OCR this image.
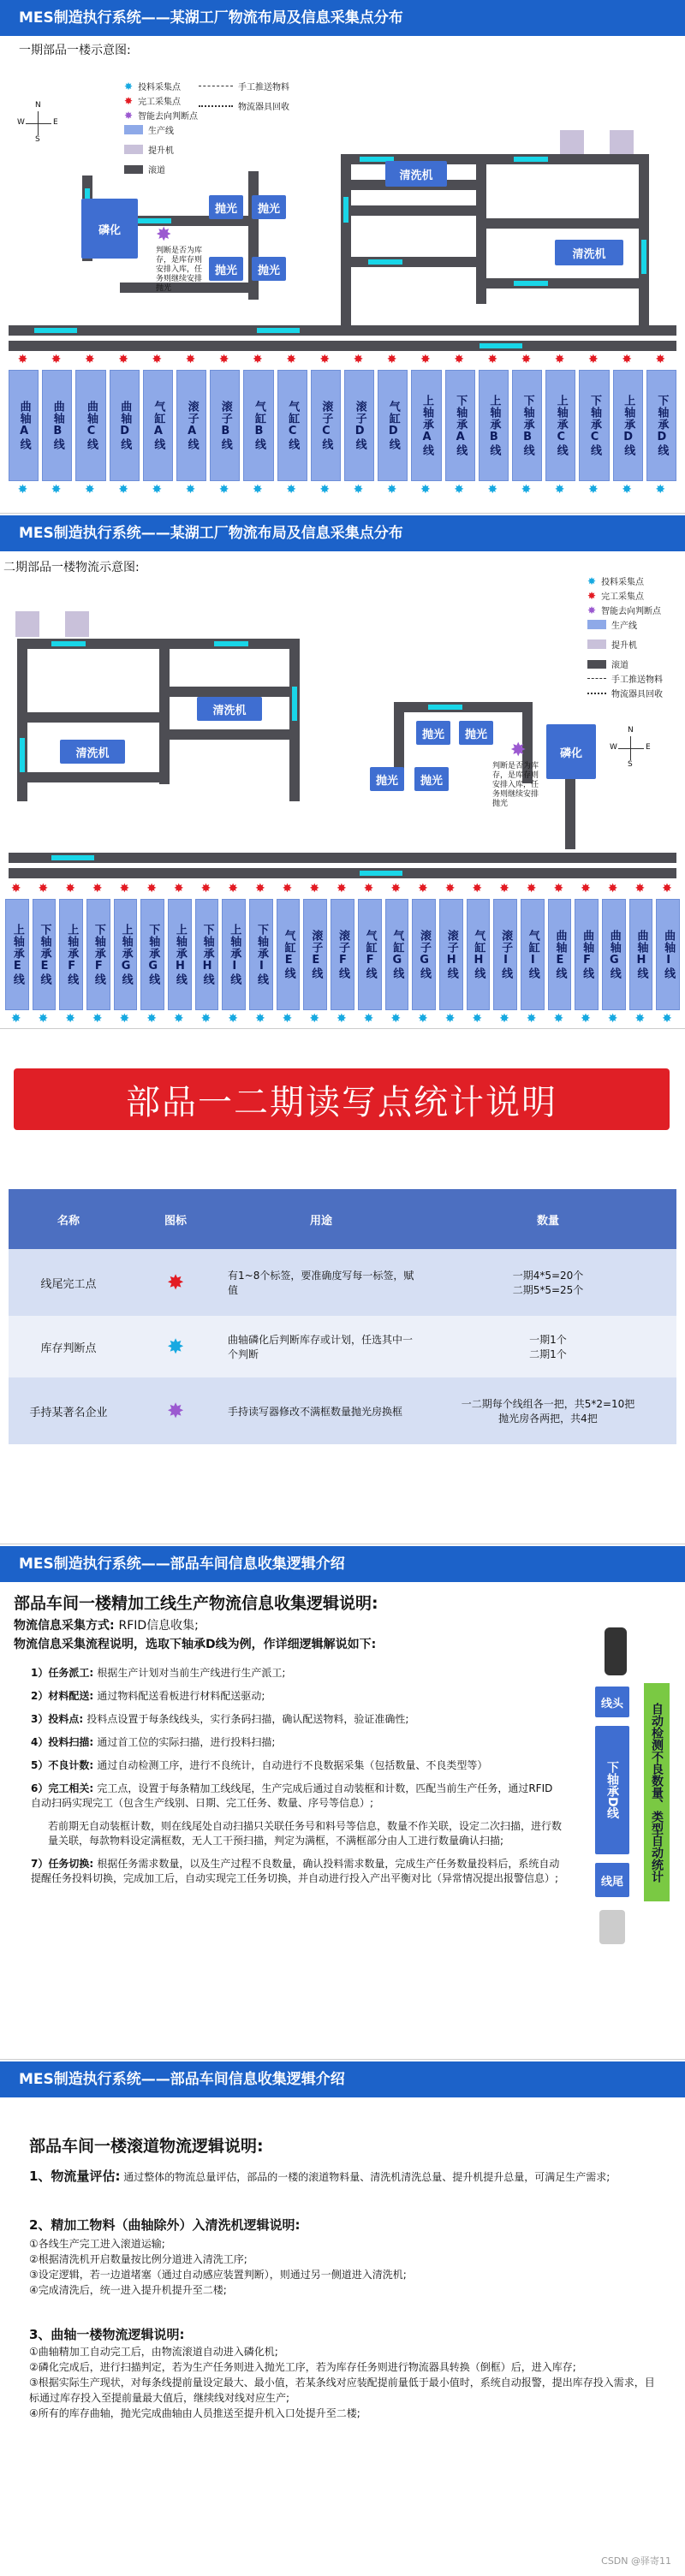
MES制造执行系统——某湖工厂物流布局及信息采集点分布
一期部品一楼示意图:
N
S
W	E
✸ 投料采集点
✸ 完工采集点
✸ 智能去向判断点
生产线
提升机
滚道
手工推送物料
物流器具回收
磷化
抛光	抛光
抛光	抛光
清洗机
清洗机
✸
判断是否为库存，是库存则安排入库，任务则继续安排抛光
✸
曲轴A线
✸
✸
曲轴B线
✸
✸
曲轴C线
✸
✸
曲轴D线
✸
✸
气缸A线
✸
✸
滚子A线
✸
✸
滚子B线
✸
✸
气缸B线
✸
✸
气缸C线
✸
✸
滚子C线
✸
✸
滚子D线
✸
✸
气缸D线
✸
✸
上轴承A线
✸
✸
下轴承A线
✸
✸
上轴承B线
✸
✸
下轴承B线
✸
✸
上轴承C线
✸
✸
下轴承C线
✸
✸
上轴承D线
✸
✸
下轴承D线
✸
MES制造执行系统——某湖工厂物流布局及信息采集点分布
二期部品一楼物流示意图:
✸ 投料采集点
✸ 完工采集点
✸ 智能去向判断点
生产线
提升机
滚道
手工推送物料
物流器具回收
N
S
W	E
清洗机
清洗机
抛光	抛光
抛光	抛光
磷化
✸
判断是否为库存，是库存则安排入库，任务则继续安排抛光
✸
上轴承E线
✸
✸
下轴承E线
✸
✸
上轴承F线
✸
✸
下轴承F线
✸
✸
上轴承G线
✸
✸
下轴承G线
✸
✸
上轴承H线
✸
✸
下轴承H线
✸
✸
上轴承I线
✸
✸
下轴承I线
✸
✸
气缸E线
✸
✸
滚子E线
✸
✸
滚子F线
✸
✸
气缸F线
✸
✸
气缸G线
✸
✸
滚子G线
✸
✸
滚子H线
✸
✸
气缸H线
✸
✸
滚子I线
✸
✸
气缸I线
✸
✸
曲轴E线
✸
✸
曲轴F线
✸
✸
曲轴G线
✸
✸
曲轴H线
✸
✸
曲轴I线
✸
部品一二期读写点统计说明
名称	图标	用途	数量
线尾完工点	✸	有1~8个标签，要准确度写每一标签，赋值	一期4*5=20个
二期5*5=25个

库存判断点	✸	曲轴磷化后判断库存或计划，任选其中一个判断	一期1个
二期1个

手持某著名企业	✸	手持读写器修改不满框数量抛光房换框	一二期每个线组各一把，共5*2=10把
抛光房各两把，共4把
MES制造执行系统——部品车间信息收集逻辑介绍
部品车间一楼精加工线生产物流信息收集逻辑说明:
物流信息采集方式: RFID信息收集;
物流信息采集流程说明，选取下轴承D线为例，作详细逻辑解说如下:
1）任务派工: 根据生产计划对当前生产线进行生产派工;
2）材料配送: 通过物料配送看板进行材料配送驱动;
3）投料点: 投料点设置于每条线线头，实行条码扫描，确认配送物料，验证准确性;
4）投料扫描: 通过首工位的实际扫描，进行投料扫描;
5）不良计数: 通过自动检测工序，进行不良统计，自动进行不良数据采集（包括数量、不良类型等）
6）完工相关: 完工点，设置于每条精加工线线尾，生产完成后通过自动装框和计数，匹配当前生产任务，通过RFID自动扫码实现完工（包含生产线别、日期、完工任务、数量、序号等信息）;
若前期无自动装框计数，则在线尾处自动扫描只关联任务号和料号等信息，数量不作关联，设定二次扫描，进行数量关联，每款物料设定满框数，无人工干预扫描，判定为满框，不满框部分由人工进行数量确认扫描;
7）任务切换: 根据任务需求数量，以及生产过程不良数量，确认投料需求数量，完成生产任务数量投料后，系统自动提醒任务投料切换，完成加工后，自动实现完工任务切换，并自动进行投入产出平衡对比（异常情况提出报警信息）;
线头
下轴承D线
线尾	自动检测不良数量、类型自动统计
MES制造执行系统——部品车间信息收集逻辑介绍
部品车间一楼滚道物流逻辑说明:
1、物流量评估: 通过整体的物流总量评估，部品的一楼的滚道物料量、清洗机清洗总量、提升机提升总量，可满足生产需求;
2、精加工物料（曲轴除外）入清洗机逻辑说明:
①各线生产完工进入滚道运输;
②根据清洗机开启数量按比例分道进入清洗工序;
③设定逻辑，若一边道堵塞（通过自动感应装置判断），则通过另一侧道进入清洗机;
④完成清洗后，统一进入提升机提升至二楼;
3、曲轴一楼物流逻辑说明:
①曲轴精加工自动完工后，由物流滚道自动进入磷化机;
②磷化完成后，进行扫描判定，若为生产任务则进入抛光工序，若为库存任务则进行物流器具转换（倒框）后，进入库存;
③根据实际生产现状，对每条线提前量设定最大、最小值，若某条线对应装配提前量低于最小值时，系统自动报警，提出库存投入需求，目标通过库存投入至提前量最大值后，继续线对线对应生产;
④所有的库存曲轴，抛光完成曲轴由人员推送至提升机入口处提升至二楼;
CSDN @驿寄11
